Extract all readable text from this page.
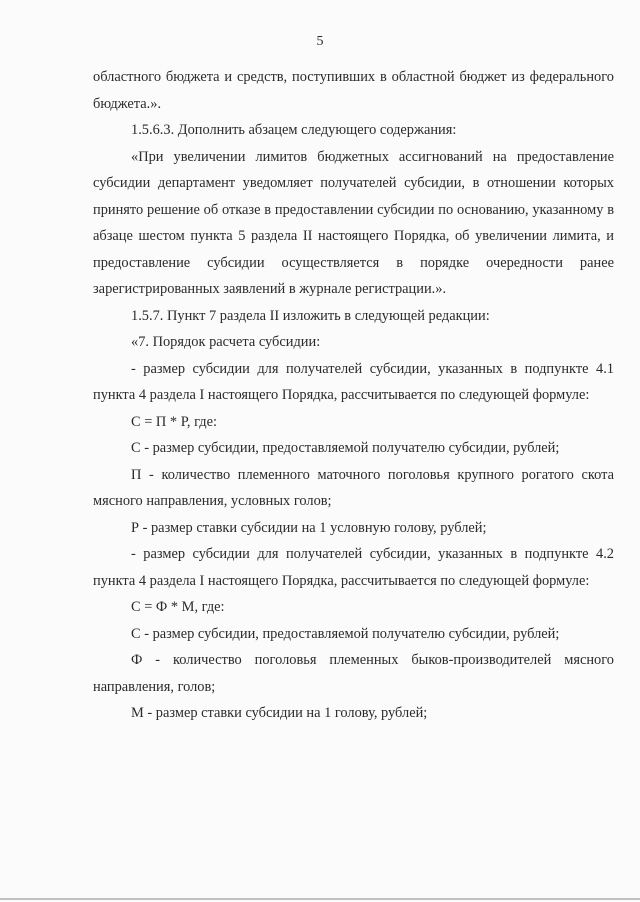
5

областного бюджета и средств, поступивших в областной бюджет из федерального бюджета.».

1.5.6.3. Дополнить абзацем следующего содержания:

«При увеличении лимитов бюджетных ассигнований на предоставление субсидии департамент уведомляет получателей субсидии, в отношении которых принято решение об отказе в предоставлении субсидии по основанию, указанному в абзаце шестом пункта 5 раздела II настоящего Порядка, об увеличении лимита, и предоставление субсидии осуществляется в порядке очередности ранее зарегистрированных заявлений в журнале регистрации.».

1.5.7. Пункт 7 раздела II изложить в следующей редакции:

«7. Порядок расчета субсидии:

- размер субсидии для получателей субсидии, указанных в подпункте 4.1 пункта 4 раздела I настоящего Порядка, рассчитывается по следующей формуле:

С = П * Р, где:

С - размер субсидии, предоставляемой получателю субсидии, рублей;

П - количество племенного маточного поголовья крупного рогатого скота мясного направления, условных голов;

Р - размер ставки субсидии на 1 условную голову, рублей;

- размер субсидии для получателей субсидии, указанных в подпункте 4.2 пункта 4 раздела I настоящего Порядка, рассчитывается по следующей формуле:

С = Ф * М, где:

С - размер субсидии, предоставляемой получателю субсидии, рублей;

Ф - количество поголовья племенных быков-производителей мясного направления, голов;

М - размер ставки субсидии на 1 голову, рублей;
